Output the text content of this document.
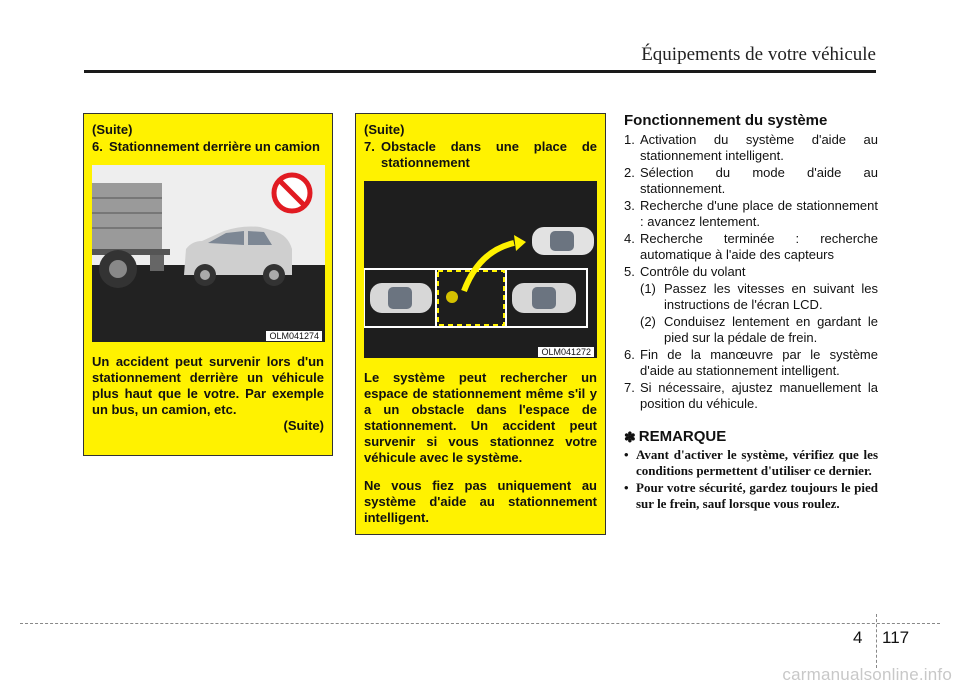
Équipements de votre véhicule
(Suite)
6. Stationnement derrière un camion
OLM041274
Un accident peut survenir lors d'un stationnement derrière un véhicule plus haut que le votre. Par exemple un bus, un camion, etc.
(Suite)
(Suite)
7. Obstacle dans une place de stationnement
OLM041272
Le système peut rechercher un espace de stationnement même s'il y a un obstacle dans l'espace de stationnement. Un accident peut survenir si vous stationnez votre véhicule avec le système.
Ne vous fiez pas uniquement au système d'aide au stationnement intelligent.
Fonctionnement du système
1. Activation du système d'aide au stationnement intelligent.
2. Sélection du mode d'aide au stationnement.
3. Recherche d'une place de stationnement : avancez lentement.
4. Recherche terminée : recherche automatique à l'aide des capteurs
5. Contrôle du volant
(1) Passez les vitesses en suivant les instructions de l'écran LCD.
(2) Conduisez lentement en gardant le pied sur la pédale de frein.
6. Fin de la manœuvre par le système d'aide au stationnement intelligent.
7. Si nécessaire, ajustez manuellement la position du véhicule.
✽ REMARQUE
• Avant d'activer le système, vérifiez que les conditions permettent d'utiliser ce dernier.
• Pour votre sécurité, gardez toujours le pied sur le frein, sauf lorsque vous roulez.
4 117
carmanualsonline.info
